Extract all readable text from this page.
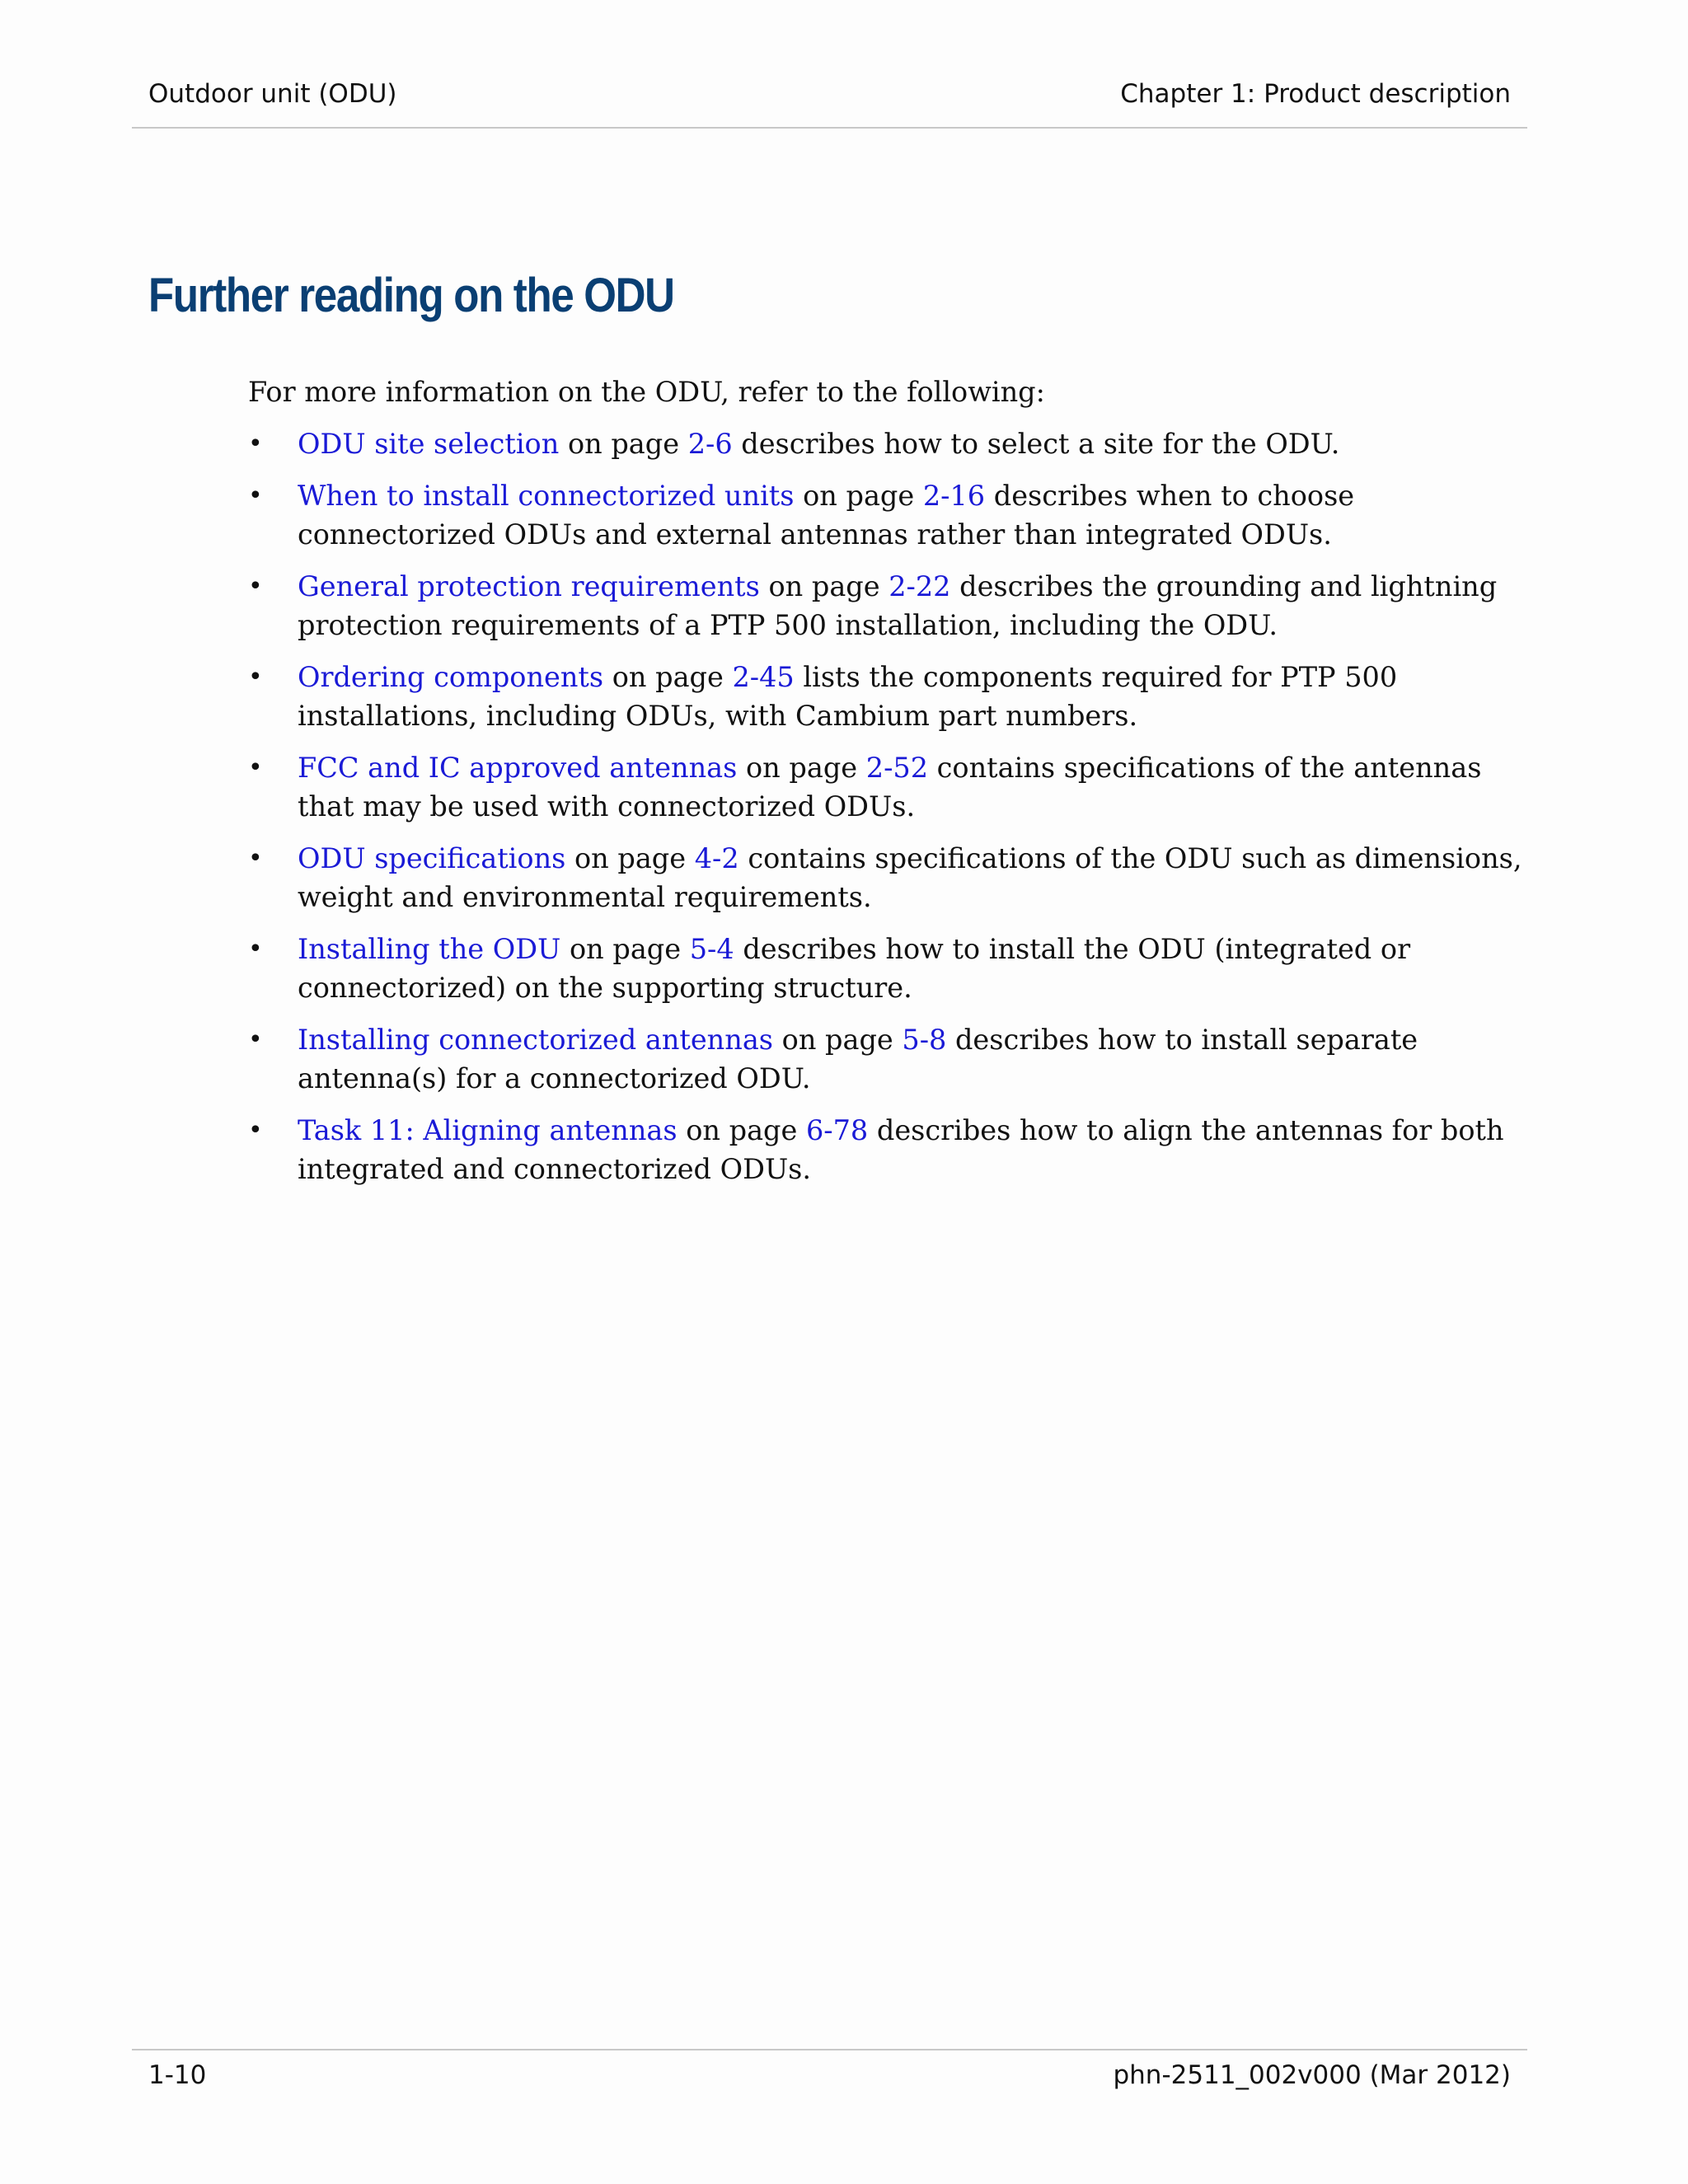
Outdoor unit (ODU)	Chapter 1: Product description
Further reading on the ODU

For more information on the ODU, refer to the following:

• ODU site selection on page 2-6 describes how to select a site for the ODU.
• When to install connectorized units on page 2-16 describes when to choose connectorized ODUs and external antennas rather than integrated ODUs.
• General protection requirements on page 2-22 describes the grounding and lightning protection requirements of a PTP 500 installation, including the ODU.
• Ordering components on page 2-45 lists the components required for PTP 500 installations, including ODUs, with Cambium part numbers.
• FCC and IC approved antennas on page 2-52 contains specifications of the antennas that may be used with connectorized ODUs.
• ODU specifications on page 4-2 contains specifications of the ODU such as dimensions, weight and environmental requirements.
• Installing the ODU on page 5-4 describes how to install the ODU (integrated or connectorized) on the supporting structure.
• Installing connectorized antennas on page 5-8 describes how to install separate antenna(s) for a connectorized ODU.
• Task 11: Aligning antennas on page 6-78 describes how to align the antennas for both integrated and connectorized ODUs.
1-10	phn-2511_002v000 (Mar 2012)
